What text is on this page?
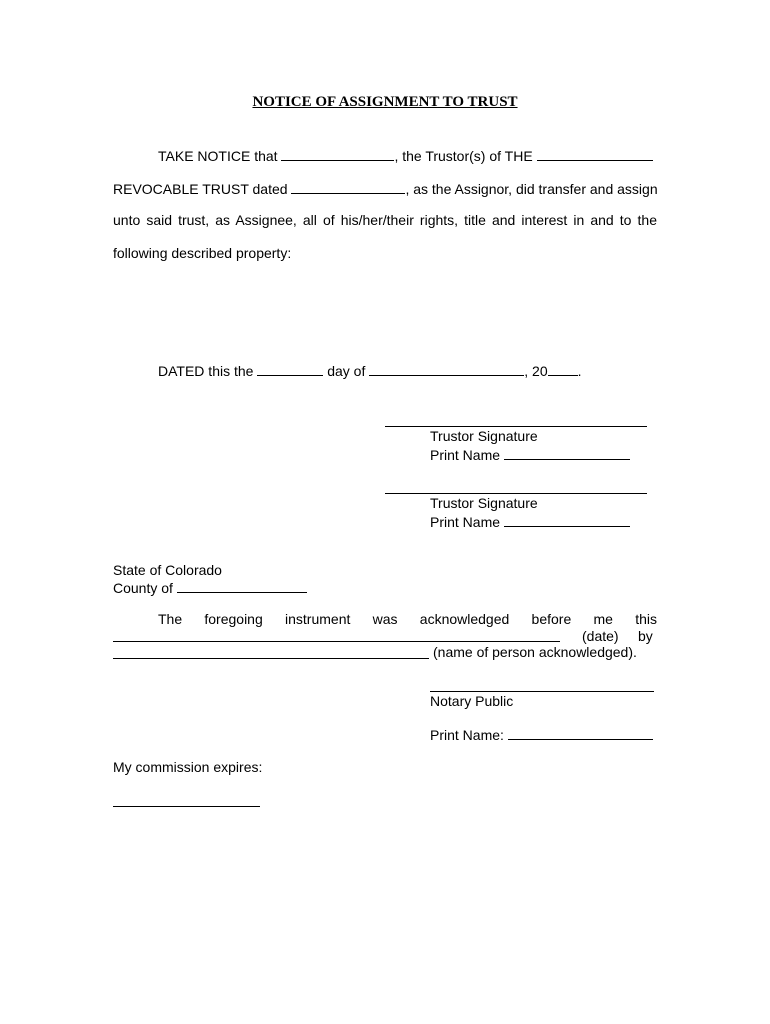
NOTICE OF ASSIGNMENT TO TRUST
TAKE NOTICE that	, the Trustor(s) of THE
REVOCABLE TRUST dated	, as the Assignor, did transfer and assign
unto said trust, as Assignee, all of his/her/their rights, title and interest in and to the
following described property:
DATED this the	day of	, 20 .
Trustor Signature
Print Name
Trustor Signature
Print Name
State of Colorado
County of
The foregoing instrument was acknowledged before me this
(date) by
(name of person acknowledged).
Notary Public
Print Name:
My commission expires:
